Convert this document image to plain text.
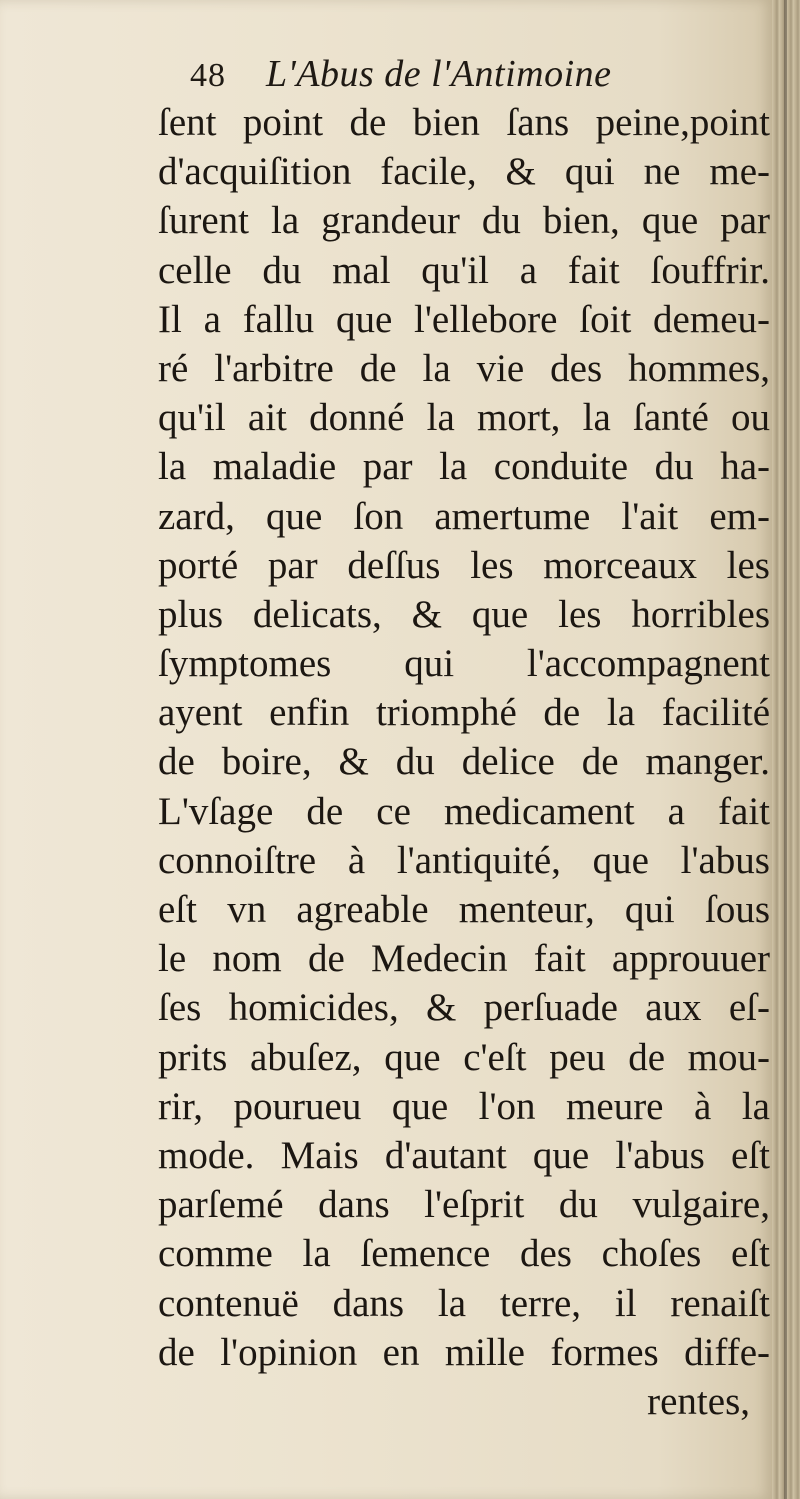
48 L'Abus de l'Antimoine
ſent point de bien ſans peine,point
d'acquiſition facile, & qui ne me-
ſurent la grandeur du bien, que par
celle du mal qu'il a fait ſouffrir.
Il a fallu que l'ellebore ſoit demeu-
ré l'arbitre de la vie des hommes,
qu'il ait donné la mort, la ſanté ou
la maladie par la conduite du ha-
zard, que ſon amertume l'ait em-
porté par deſſus les morceaux les
plus delicats, & que les horribles
ſymptomes qui l'accompagnent
ayent enfin triomphé de la facilité
de boire, & du delice de manger.
L'vſage de ce medicament a fait
connoiſtre à l'antiquité, que l'abus
eſt vn agreable menteur, qui ſous
le nom de Medecin fait approuuer
ſes homicides, & perſuade aux eſ-
prits abuſez, que c'eſt peu de mou-
rir, pourueu que l'on meure à la
mode. Mais d'autant que l'abus eſt
parſemé dans l'eſprit du vulgaire,
comme la ſemence des choſes eſt
contenuë dans la terre, il renaiſt
de l'opinion en mille formes diffe-
rentes,
